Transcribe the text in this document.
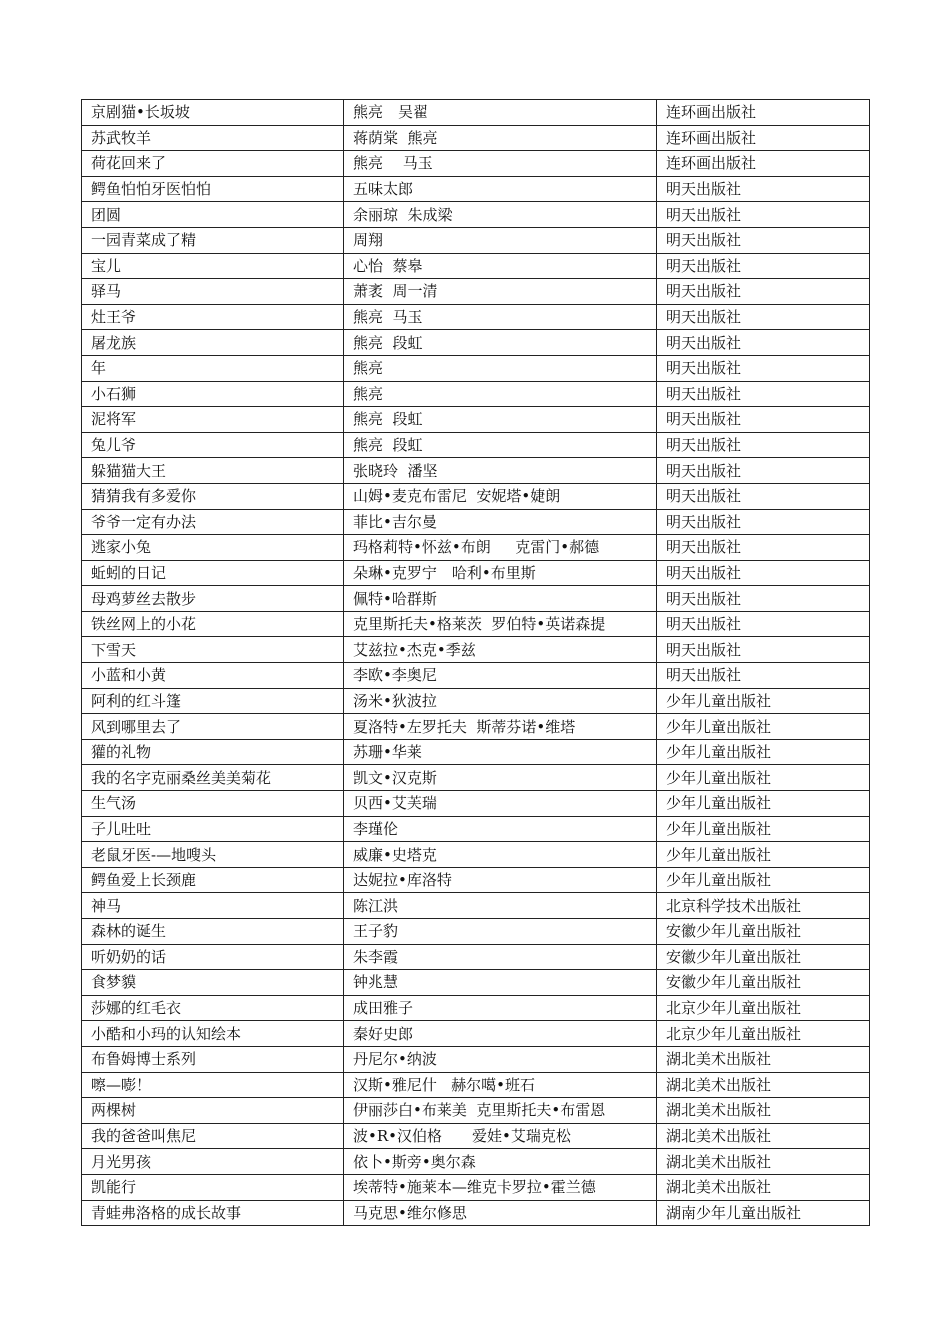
京剧猫•长坂坡	熊亮　吴翟	连环画出版社
苏武牧羊	蒋荫棠  熊亮	连环画出版社
荷花回来了	熊亮　 马玉	连环画出版社
鳄鱼怕怕牙医怕怕	五味太郎	明天出版社
团圆	余丽琼  朱成梁	明天出版社
一园青菜成了精	周翔	明天出版社
宝儿	心怡  蔡皋	明天出版社
驿马	萧袤  周一清	明天出版社
灶王爷	熊亮  马玉	明天出版社
屠龙族	熊亮  段虹	明天出版社
年	熊亮	明天出版社
小石狮	熊亮	明天出版社
泥将军	熊亮  段虹	明天出版社
兔儿爷	熊亮  段虹	明天出版社
躲猫猫大王	张晓玲  潘坚	明天出版社
猜猜我有多爱你	山姆•麦克布雷尼  安妮塔•婕朗	明天出版社
爷爷一定有办法	菲比•吉尔曼	明天出版社
逃家小兔	玛格莉特•怀兹•布朗　  克雷门•郝德	明天出版社
蚯蚓的日记	朵琳•克罗宁　哈利•布里斯	明天出版社
母鸡萝丝去散步	佩特•哈群斯	明天出版社
铁丝网上的小花	克里斯托夫•格莱茨  罗伯特•英诺森提	明天出版社
下雪天	艾兹拉•杰克•季兹	明天出版社
小蓝和小黄	李欧•李奥尼	明天出版社
阿利的红斗篷	汤米•狄波拉	少年儿童出版社
风到哪里去了	夏洛特•左罗托夫  斯蒂芬诺•维塔	少年儿童出版社
獾的礼物	苏珊•华莱	少年儿童出版社
我的名字克丽桑丝美美菊花	凯文•汉克斯	少年儿童出版社
生气汤	贝西•艾芙瑞	少年儿童出版社
子儿吐吐	李瑾伦	少年儿童出版社
老鼠牙医-—地嗖头	威廉•史塔克	少年儿童出版社
鳄鱼爱上长颈鹿	达妮拉•库洛特	少年儿童出版社
神马	陈江洪	北京科学技术出版社
森林的诞生	王子豹	安徽少年儿童出版社
听奶奶的话	朱李霞	安徽少年儿童出版社
食梦貘	钟兆慧	安徽少年儿童出版社
莎娜的红毛衣	成田雅子	北京少年儿童出版社
小酷和小玛的认知绘本	秦好史郎	北京少年儿童出版社
布鲁姆博士系列	丹尼尔•纳波	湖北美术出版社
嚓—嘭！	汉斯•雅尼什   赫尔噶•班石	湖北美术出版社
两棵树	伊丽莎白•布莱美  克里斯托夫•布雷恩	湖北美术出版社
我的爸爸叫焦尼	波•R•汉伯格　　爱娃•艾瑞克松	湖北美术出版社
月光男孩	依卜•斯旁•奥尔森	湖北美术出版社
凯能行	埃蒂特•施莱本—维克卡罗拉•霍兰德	湖北美术出版社
青蛙弗洛格的成长故事	马克思•维尔修思	湖南少年儿童出版社
